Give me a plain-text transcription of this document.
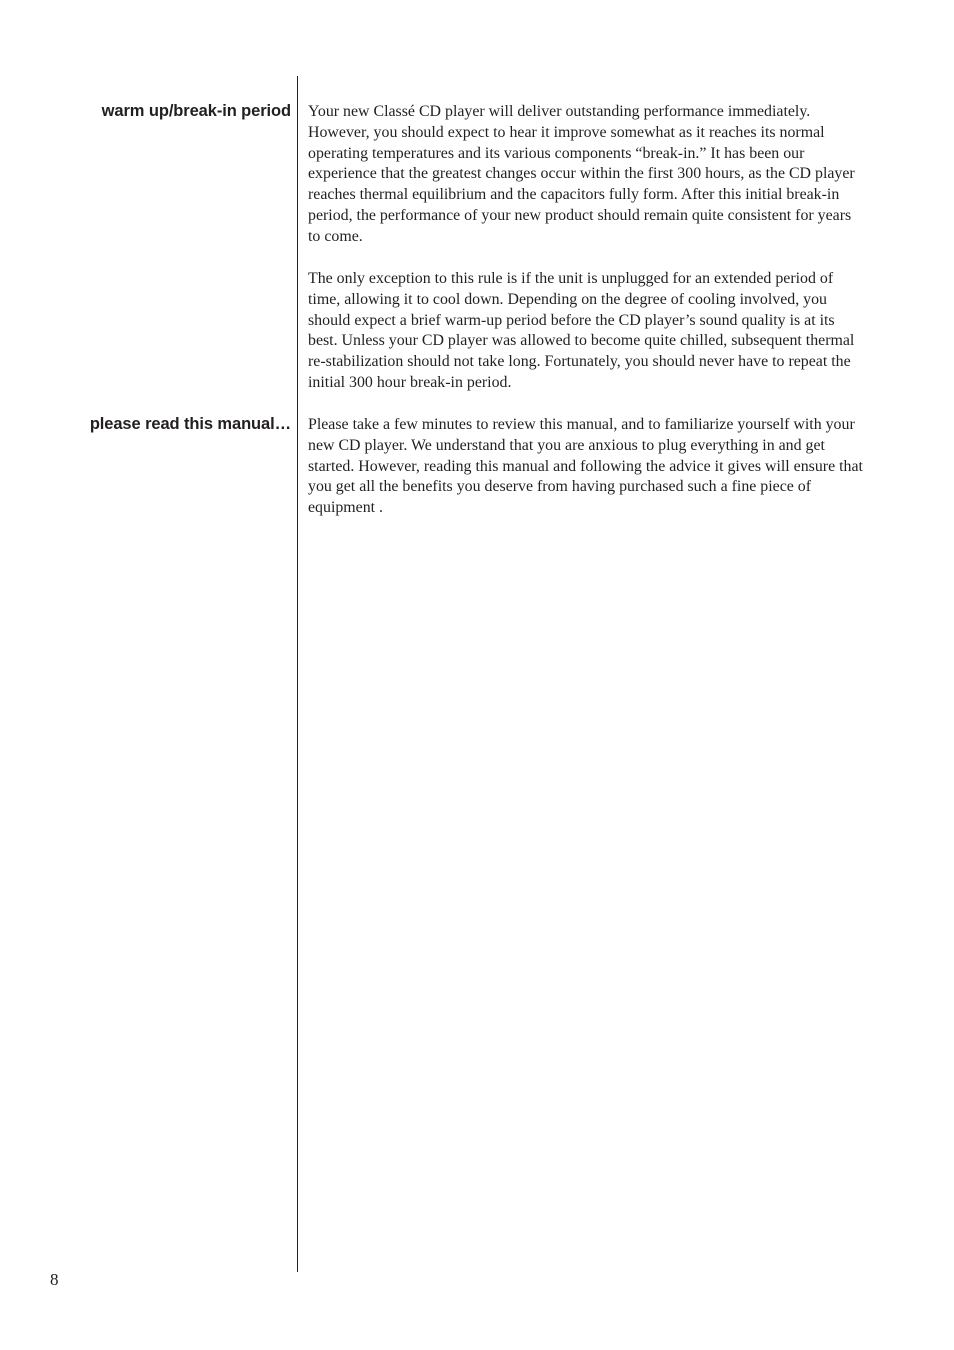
warm up/break-in period Your new Classé CD player will deliver outstanding performance immediately. However, you should expect to hear it improve somewhat as it reaches its normal operating temperatures and its various components “break-in.” It has been our experience that the greatest changes occur within the first 300 hours, as the CD player reaches thermal equilibrium and the capacitors fully form. After this initial break-in period, the performance of your new product should remain quite consistent for years to come.

The only exception to this rule is if the unit is unplugged for an extended period of time, allowing it to cool down. Depending on the degree of cooling involved, you should expect a brief warm-up period before the CD player’s sound quality is at its best. Unless your CD player was allowed to become quite chilled, subsequent thermal re-stabilization should not take long. Fortunately, you should never have to repeat the initial 300 hour break-in period.

please read this manual… Please take a few minutes to review this manual, and to familiarize yourself with your new CD player. We understand that you are anxious to plug everything in and get started. However, reading this manual and following the advice it gives will ensure that you get all the benefits you deserve from having purchased such a fine piece of equipment .

8
